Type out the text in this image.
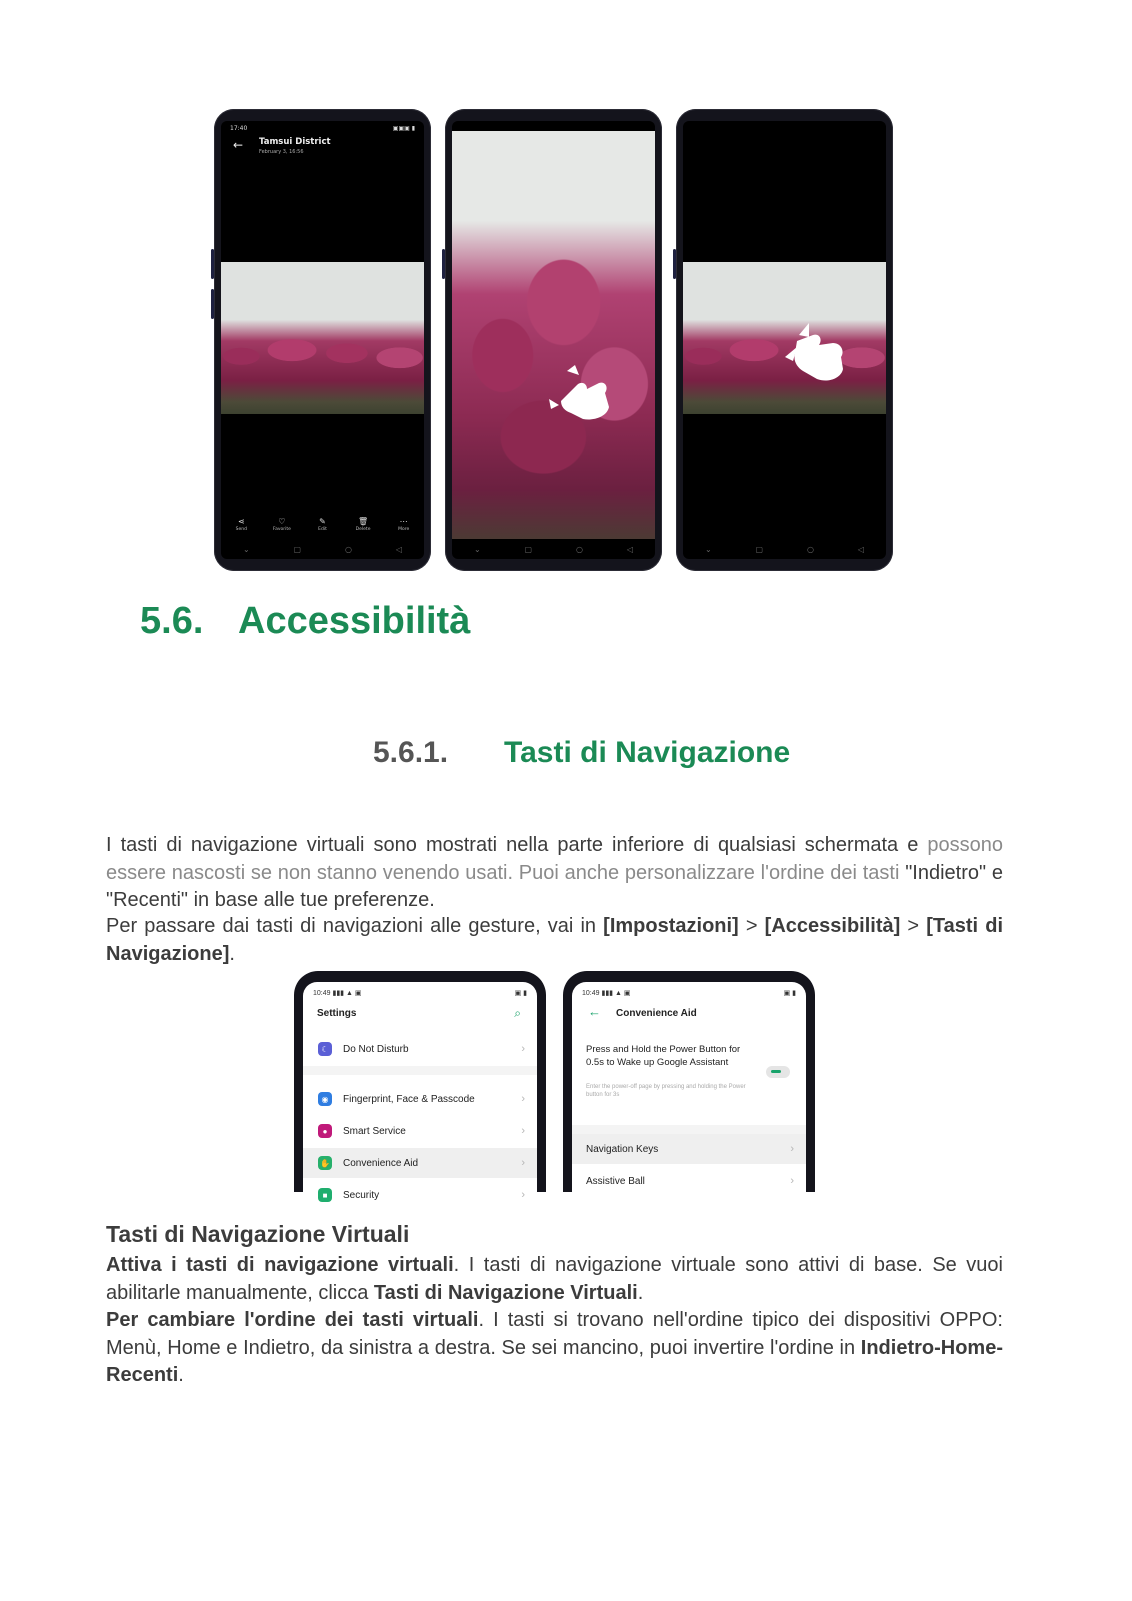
17:40	▣▣▣ ▮
← Tamsui District
February 3, 16:56
⋖
Send
♡
Favorite
✎
Edit
🗑
Delete
⋯
More
⌄	▢	○	◁	⌄	▢	○	◁	⌄	▢	○	◁
5.6. Accessibilità
5.6.1. Tasti di Navigazione
I tasti di navigazione virtuali sono mostrati nella parte inferiore di qualsiasi schermata e possono essere nascosti se non stanno venendo usati. Puoi anche personalizzare l'ordine dei tasti "Indietro" e "Recenti" in base alle tue preferenze.
Per passare dai tasti di navigazioni alle gesture, vai in [Impostazioni] > [Accessibilità] > [Tasti di Navigazione].
10:49 ▮▮▮ ▲ ▣	▣ ▮
Settings	⌕
☾	Do Not Disturb	›
◉	Fingerprint, Face & Passcode	›
●	Smart Service	›
✋ Convenience Aid	›
■	Security	›
10:49 ▮▮▮ ▲ ▣	▣ ▮
← Convenience Aid
Press and Hold the Power Button for 0.5s to Wake up Google Assistant
Enter the power-off page by pressing and holding the Power button for 3s
Navigation Keys	›
Assistive Ball	›
Tasti di Navigazione Virtuali
Attiva i tasti di navigazione virtuali. I tasti di navigazione virtuale sono attivi di base. Se vuoi abilitarle manualmente, clicca Tasti di Navigazione Virtuali.
Per cambiare l'ordine dei tasti virtuali. I tasti si trovano nell'ordine tipico dei dispositivi OPPO: Menù, Home e Indietro, da sinistra a destra. Se sei mancino, puoi invertire l'ordine in Indietro-Home-Recenti.
